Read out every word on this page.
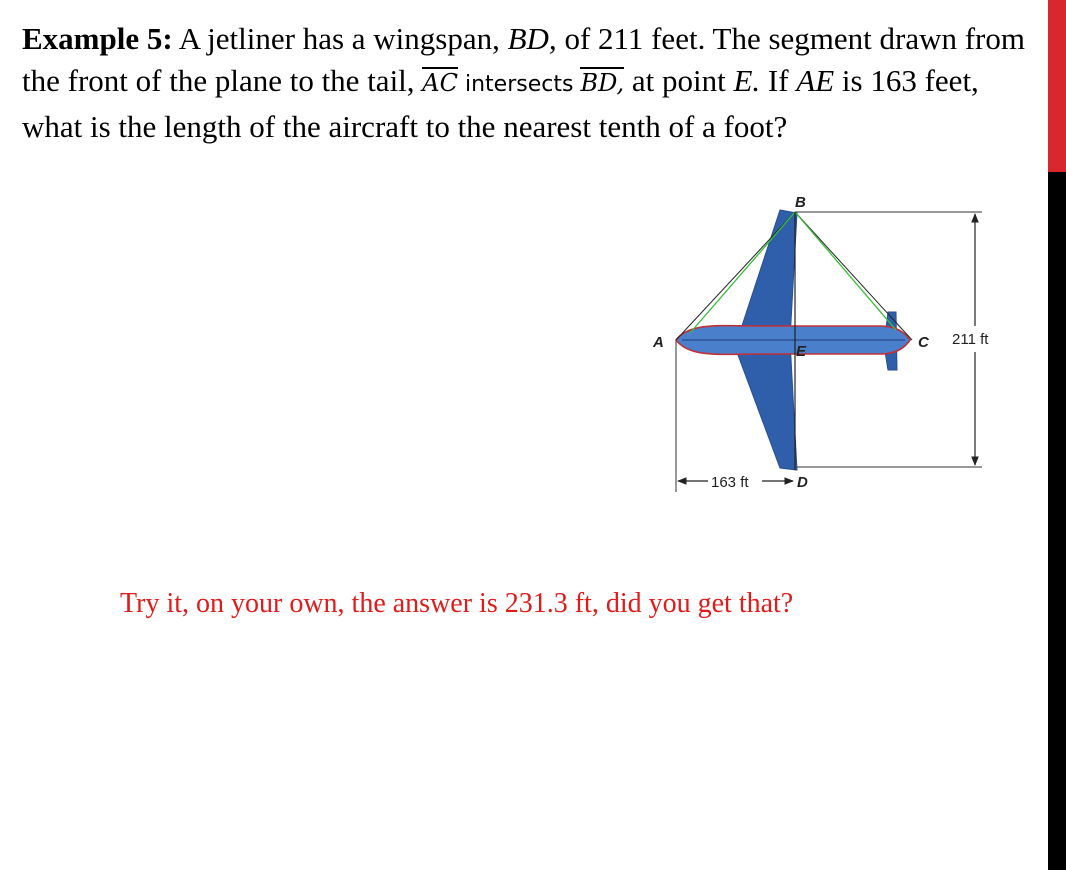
Example 5: A jetliner has a wingspan, BD, of 211 feet. The segment drawn from the front of the plane to the tail, AC intersects BD, at point E. If AE is 163 feet, what is the length of the aircraft to the nearest tenth of a foot?
A
B
C
D
E
211 ft
163 ft
Try it, on your own, the answer is 231.3 ft, did you get that?
